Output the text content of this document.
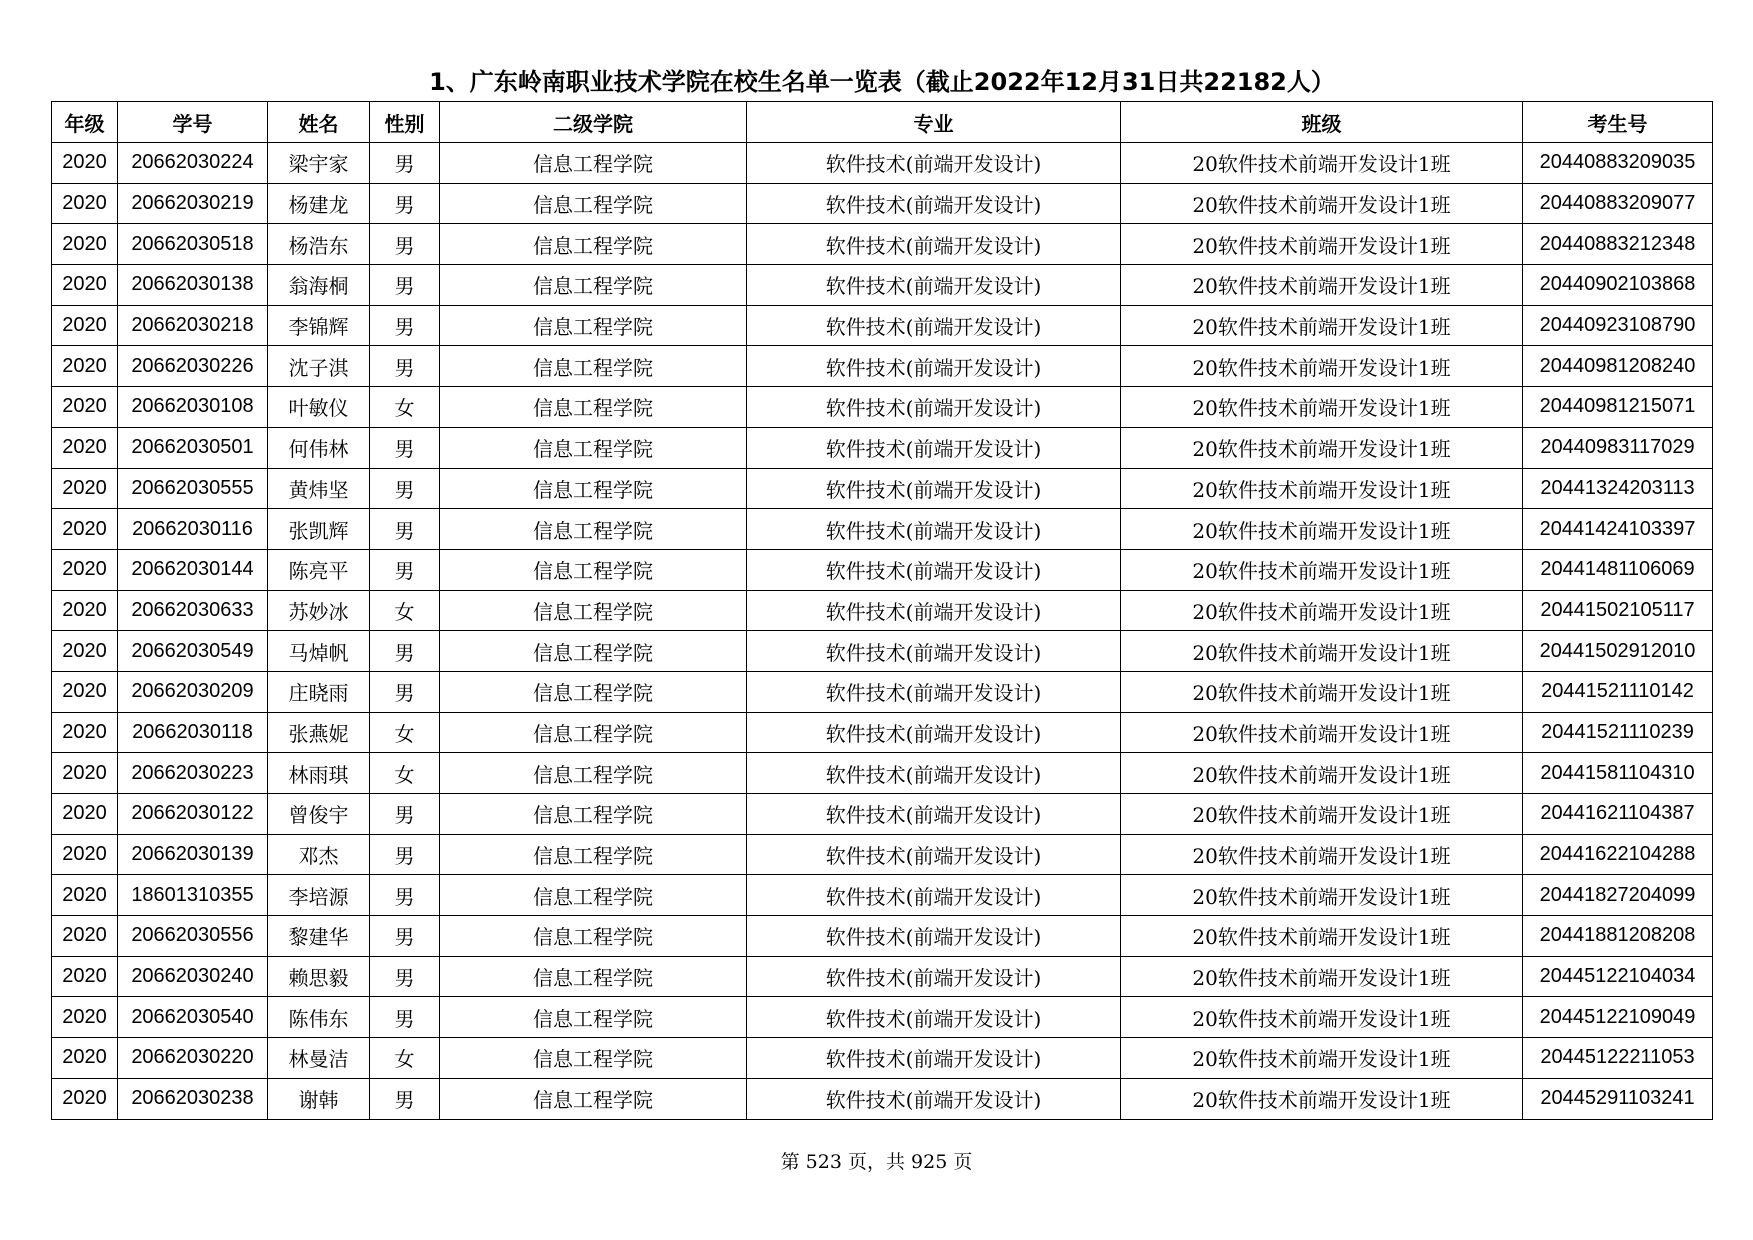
1、广东岭南职业技术学院在校生名单一览表（截止2022年12月31日共22182人）
年级	学号	姓名	性别	二级学院	专业	班级	考生号
2020	20662030224	梁宇家	男	信息工程学院	软件技术(前端开发设计)	20软件技术前端开发设计1班	20440883209035
2020	20662030219	杨建龙	男	信息工程学院	软件技术(前端开发设计)	20软件技术前端开发设计1班	20440883209077
2020	20662030518	杨浩东	男	信息工程学院	软件技术(前端开发设计)	20软件技术前端开发设计1班	20440883212348
2020	20662030138	翁海桐	男	信息工程学院	软件技术(前端开发设计)	20软件技术前端开发设计1班	20440902103868
2020	20662030218	李锦辉	男	信息工程学院	软件技术(前端开发设计)	20软件技术前端开发设计1班	20440923108790
2020	20662030226	沈子淇	男	信息工程学院	软件技术(前端开发设计)	20软件技术前端开发设计1班	20440981208240
2020	20662030108	叶敏仪	女	信息工程学院	软件技术(前端开发设计)	20软件技术前端开发设计1班	20440981215071
2020	20662030501	何伟林	男	信息工程学院	软件技术(前端开发设计)	20软件技术前端开发设计1班	20440983117029
2020	20662030555	黄炜坚	男	信息工程学院	软件技术(前端开发设计)	20软件技术前端开发设计1班	20441324203113
2020	20662030116	张凯辉	男	信息工程学院	软件技术(前端开发设计)	20软件技术前端开发设计1班	20441424103397
2020	20662030144	陈亮平	男	信息工程学院	软件技术(前端开发设计)	20软件技术前端开发设计1班	20441481106069
2020	20662030633	苏妙冰	女	信息工程学院	软件技术(前端开发设计)	20软件技术前端开发设计1班	20441502105117
2020	20662030549	马焯帆	男	信息工程学院	软件技术(前端开发设计)	20软件技术前端开发设计1班	20441502912010
2020	20662030209	庄晓雨	男	信息工程学院	软件技术(前端开发设计)	20软件技术前端开发设计1班	20441521110142
2020	20662030118	张燕妮	女	信息工程学院	软件技术(前端开发设计)	20软件技术前端开发设计1班	20441521110239
2020	20662030223	林雨琪	女	信息工程学院	软件技术(前端开发设计)	20软件技术前端开发设计1班	20441581104310
2020	20662030122	曾俊宇	男	信息工程学院	软件技术(前端开发设计)	20软件技术前端开发设计1班	20441621104387
2020	20662030139	邓杰	男	信息工程学院	软件技术(前端开发设计)	20软件技术前端开发设计1班	20441622104288
2020	18601310355	李培源	男	信息工程学院	软件技术(前端开发设计)	20软件技术前端开发设计1班	20441827204099
2020	20662030556	黎建华	男	信息工程学院	软件技术(前端开发设计)	20软件技术前端开发设计1班	20441881208208
2020	20662030240	赖思毅	男	信息工程学院	软件技术(前端开发设计)	20软件技术前端开发设计1班	20445122104034
2020	20662030540	陈伟东	男	信息工程学院	软件技术(前端开发设计)	20软件技术前端开发设计1班	20445122109049
2020	20662030220	林曼洁	女	信息工程学院	软件技术(前端开发设计)	20软件技术前端开发设计1班	20445122211053
2020	20662030238	谢韩	男	信息工程学院	软件技术(前端开发设计)	20软件技术前端开发设计1班	20445291103241
第 523 页，共 925 页
